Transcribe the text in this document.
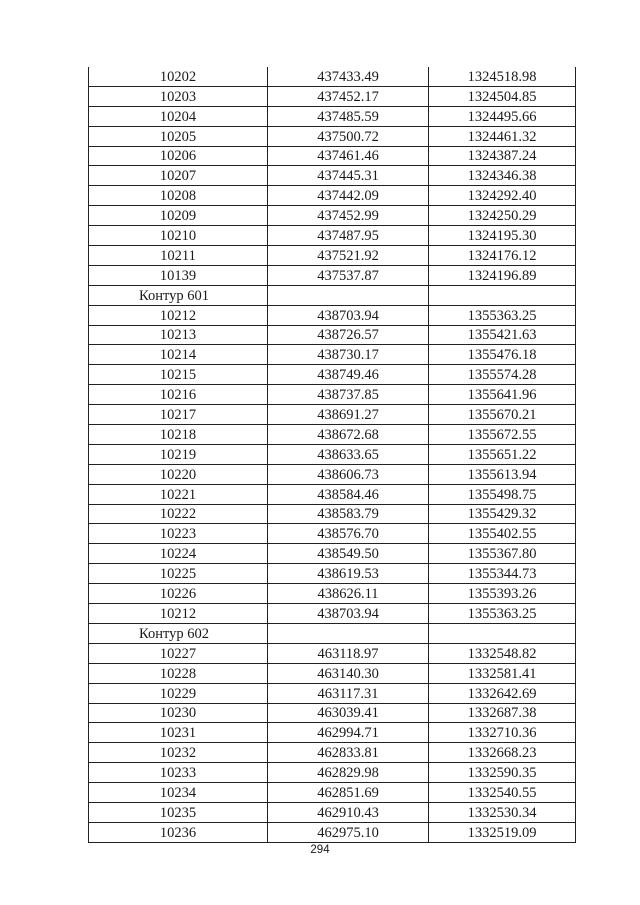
10202	437433.49	1324518.98
10203	437452.17	1324504.85
10204	437485.59	1324495.66
10205	437500.72	1324461.32
10206	437461.46	1324387.24
10207	437445.31	1324346.38
10208	437442.09	1324292.40
10209	437452.99	1324250.29
10210	437487.95	1324195.30
10211	437521.92	1324176.12
10139	437537.87	1324196.89
Контур 601		
10212	438703.94	1355363.25
10213	438726.57	1355421.63
10214	438730.17	1355476.18
10215	438749.46	1355574.28
10216	438737.85	1355641.96
10217	438691.27	1355670.21
10218	438672.68	1355672.55
10219	438633.65	1355651.22
10220	438606.73	1355613.94
10221	438584.46	1355498.75
10222	438583.79	1355429.32
10223	438576.70	1355402.55
10224	438549.50	1355367.80
10225	438619.53	1355344.73
10226	438626.11	1355393.26
10212	438703.94	1355363.25
Контур 602		
10227	463118.97	1332548.82
10228	463140.30	1332581.41
10229	463117.31	1332642.69
10230	463039.41	1332687.38
10231	462994.71	1332710.36
10232	462833.81	1332668.23
10233	462829.98	1332590.35
10234	462851.69	1332540.55
10235	462910.43	1332530.34
10236	462975.10	1332519.09
294
